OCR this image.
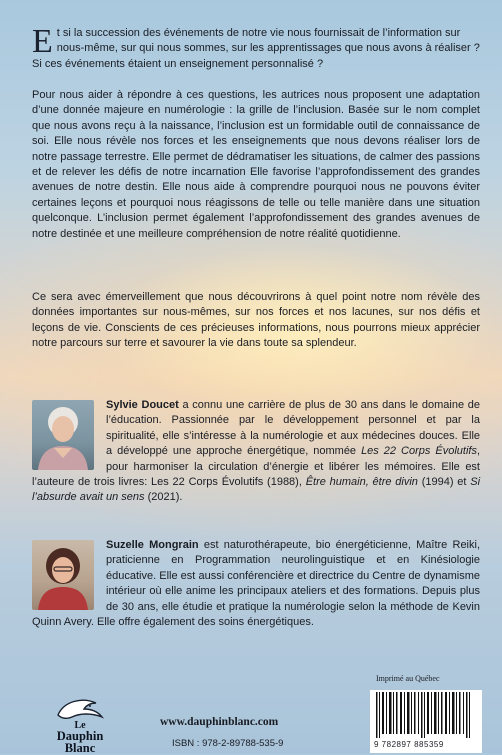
Et si la succession des événements de notre vie nous fournissait de l’information sur nous-même, sur qui nous sommes, sur les apprentissages que nous avons à réaliser ? Si ces événements étaient un enseignement personnalisé ?

Pour nous aider à répondre à ces questions, les autrices nous proposent une adaptation d’une donnée majeure en numérologie : la grille de l’inclusion. Basée sur le nom complet que nous avons reçu à la naissance, l’inclusion est un formidable outil de connaissance de soi. Elle nous révèle nos forces et les enseignements que nous devons réaliser lors de notre passage terrestre. Elle permet de dédramatiser les situations, de calmer des passions et de relever les défis de notre incarnation Elle favorise l’approfondissement des grandes avenues de notre destin. Elle nous aide à comprendre pourquoi nous ne pouvons éviter certaines leçons et pourquoi nous réagissons de telle ou telle manière dans une situation quelconque. L’inclusion permet également l’approfondissement des grandes avenues de notre destinée et une meilleure compréhension de notre réalité quotidienne.

Ce sera avec émerveillement que nous découvrirons à quel point notre nom révèle des données importantes sur nous-mêmes, sur nos forces et nos lacunes, sur nos défis et leçons de vie. Conscients de ces précieuses informations, nous pourrons mieux apprécier notre parcours sur terre et savourer la vie dans toute sa splendeur.

Sylvie Doucet a connu une carrière de plus de 30 ans dans le domaine de l’éducation. Passionnée par le développement personnel et par la spiritualité, elle s’intéresse à la numérologie et aux médecines douces. Elle a développé une approche énergétique, nommée Les 22 Corps Évolutifs, pour harmoniser la circulation d’énergie et libérer les mémoires. Elle est l’auteure de trois livres: Les 22 Corps Évolutifs (1988), Être humain, être divin (1994) et Si l’absurde avait un sens (2021).
Suzelle Mongrain est naturothérapeute, bio énergéticienne, Maître Reiki, praticienne en Programmation neurolinguistique et en Kinésiologie éducative. Elle est aussi conférencière et directrice du Centre de dynamisme intérieur où elle anime les principaux ateliers et des formations. Depuis plus de 30 ans, elle étudie et pratique la numérologie selon la méthode de Kevin Quinn Avery. Elle offre également des soins énergétiques.
Le
Dauphin
Blanc
www.dauphinblanc.com
ISBN : 978-2-89788-535-9
Imprimé au Québec
9 782897 885359
